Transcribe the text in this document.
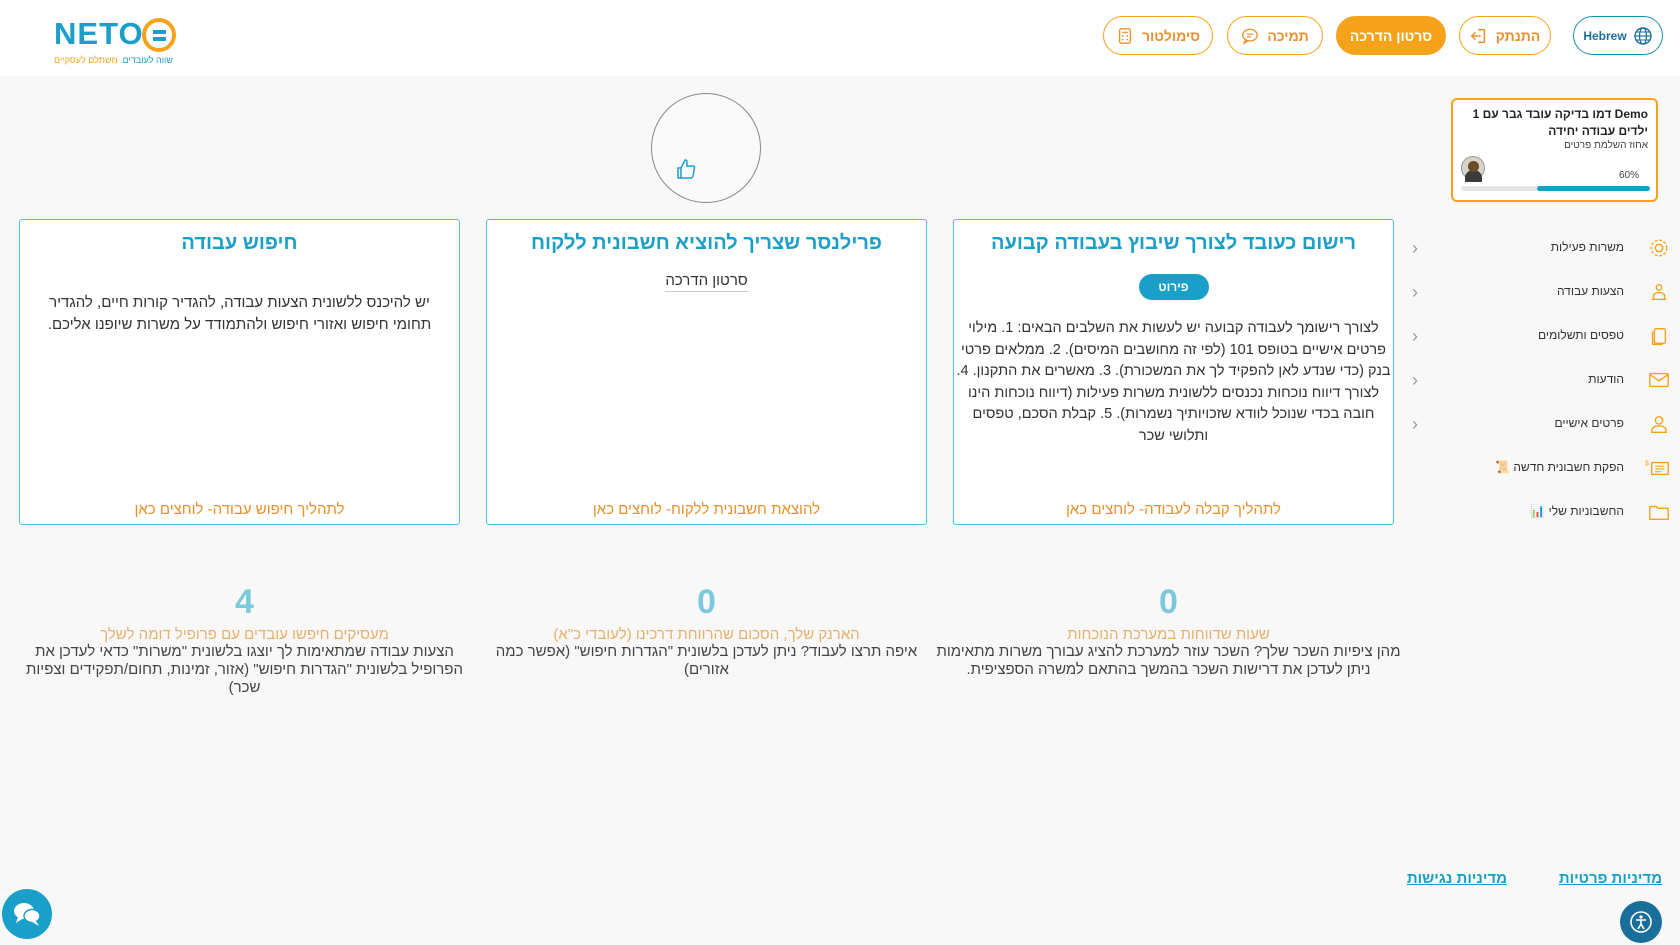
NETO
שווה לעובדים. משתלם לעסקיים
סימולטור	תמיכה	סרטון הדרכה	התנתק	Hebrew
Demo דמו בדיקה עובד גבר עם 1 ילדים עבודה יחידה
אחוז השלמת פרטים
60%
משרות פעילות
‹
הצעות עבודה
‹
טפסים ותשלומים
‹
הודעות
‹
פרטים אישיים
‹
$
הפקת חשבונית חדשה 📜
החשבוניות שלי 📊
רישום כעובד לצורך שיבוץ בעבודה קבועה
פירוט
לצורך רישומך לעבודה קבועה יש לעשות את השלבים הבאים: 1. מילוי פרטים אישיים בטופס 101 (לפי זה מחושבים המיסים). 2. ממלאים פרטי בנק (כדי שנדע לאן להפקיד לך את המשכורת). 3. מאשרים את התקנון. 4. לצורך דיווח נוכחות נכנסים ללשונית משרות פעילות (דיווח נוכחות הינו חובה בכדי שנוכל לוודא שזכויותיך נשמרות). 5. קבלת הסכם, טפסים ותלושי שכר
לתהליך קבלה לעבודה- לוחצים כאן
פרילנסר שצריך להוציא חשבונית ללקוח
סרטון הדרכה
להוצאת חשבונית ללקוח- לוחצים כאן
חיפוש עבודה
יש להיכנס ללשונית הצעות עבודה, להגדיר קורות חיים, להגדיר תחומי חיפוש ואזורי חיפוש ולהתמודד על משרות שיופנו אליכם.
לתהליך חיפוש עבודה- לוחצים כאן
0
שעות שדווחות במערכת הנוכחות
מהן ציפיות השכר שלך? השכר עוזר למערכת להציג עבורך משרות מתאימות ניתן לעדכן את דרישות השכר בהמשך בהתאם למשרה הספציפית.
0
הארנק שלך, הסכום שהרווחת דרכינו (לעובדי כ"א)
איפה תרצו לעבוד? ניתן לעדכן בלשונית "הגדרות חיפוש" (אפשר כמה אזורים)
4
מעסיקים חיפשו עובדים עם פרופיל דומה לשלך
הצעות עבודה שמתאימות לך יוצגו בלשונית "משרות" כדאי לעדכן את הפרופיל בלשונית "הגדרות חיפוש" (אזור, זמינות, תחום/תפקידים וצפיות שכר)
מדיניות פרטיות
מדיניות נגישות
